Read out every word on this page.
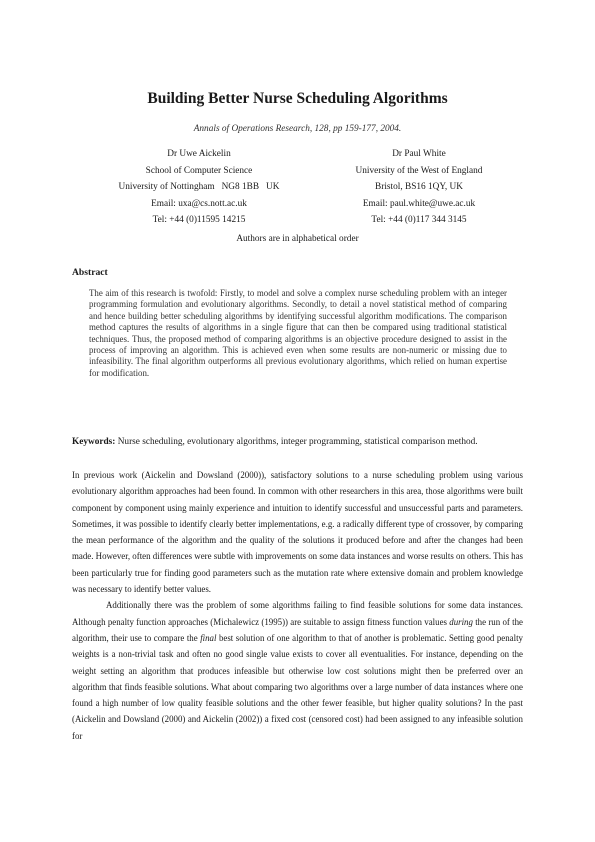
Building Better Nurse Scheduling Algorithms
Annals of Operations Research, 128, pp 159-177, 2004.
Dr Uwe Aickelin
School of Computer Science
University of Nottingham   NG8 1BB   UK
Email: uxa@cs.nott.ac.uk
Tel: +44 (0)11595 14215
Dr Paul White
University of the West of England
Bristol, BS16 1QY, UK
Email: paul.white@uwe.ac.uk
Tel: +44 (0)117 344 3145
Authors are in alphabetical order
Abstract
The aim of this research is twofold: Firstly, to model and solve a complex nurse scheduling problem with an integer programming formulation and evolutionary algorithms. Secondly, to detail a novel statistical method of comparing and hence building better scheduling algorithms by identifying successful algorithm modifications. The comparison method captures the results of algorithms in a single figure that can then be compared using traditional statistical techniques. Thus, the proposed method of comparing algorithms is an objective procedure designed to assist in the process of improving an algorithm. This is achieved even when some results are non-numeric or missing due to infeasibility. The final algorithm outperforms all previous evolutionary algorithms, which relied on human expertise for modification.
Keywords: Nurse scheduling, evolutionary algorithms, integer programming, statistical comparison method.

In previous work (Aickelin and Dowsland (2000)), satisfactory solutions to a nurse scheduling problem using various evolutionary algorithm approaches had been found. In common with other researchers in this area, those algorithms were built component by component using mainly experience and intuition to identify successful and unsuccessful parts and parameters. Sometimes, it was possible to identify clearly better implementations, e.g. a radically different type of crossover, by comparing the mean performance of the algorithm and the quality of the solutions it produced before and after the changes had been made. However, often differences were subtle with improvements on some data instances and worse results on others. This has been particularly true for finding good parameters such as the mutation rate where extensive domain and problem knowledge was necessary to identify better values.

Additionally there was the problem of some algorithms failing to find feasible solutions for some data instances. Although penalty function approaches (Michalewicz (1995)) are suitable to assign fitness function values during the run of the algorithm, their use to compare the final best solution of one algorithm to that of another is problematic. Setting good penalty weights is a non-trivial task and often no good single value exists to cover all eventualities. For instance, depending on the weight setting an algorithm that produces infeasible but otherwise low cost solutions might then be preferred over an algorithm that finds feasible solutions. What about comparing two algorithms over a large number of data instances where one found a high number of low quality feasible solutions and the other fewer feasible, but higher quality solutions? In the past (Aickelin and Dowsland (2000) and Aickelin (2002)) a fixed cost (censored cost) had been assigned to any infeasible solution for
